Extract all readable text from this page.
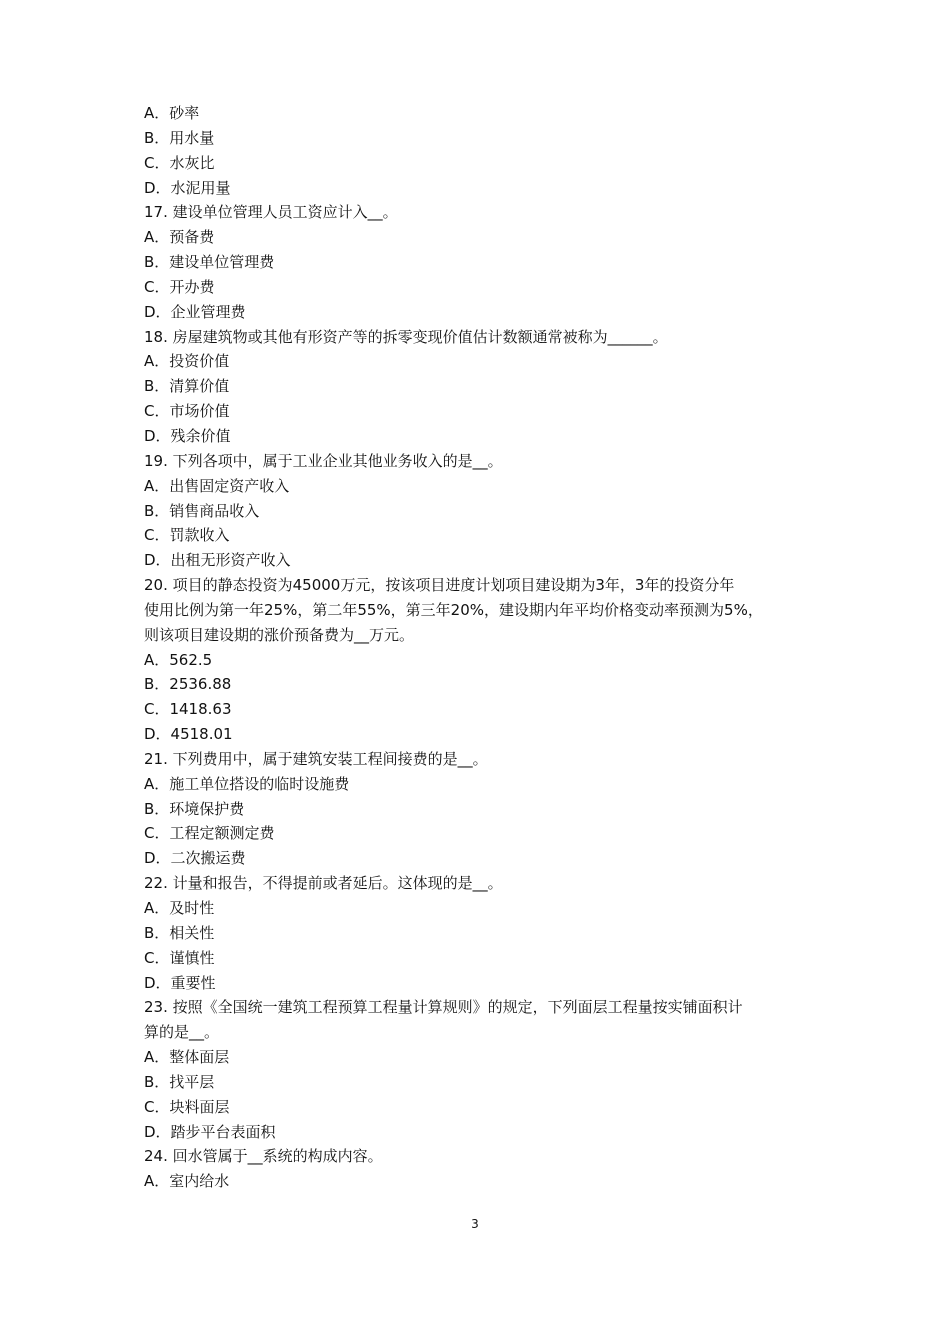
A．砂率
B．用水量
C．水灰比
D．水泥用量
17. 建设单位管理人员工资应计入__。
A．预备费
B．建设单位管理费
C．开办费
D．企业管理费
18. 房屋建筑物或其他有形资产等的拆零变现价值估计数额通常被称为______。
A．投资价值
B．清算价值
C．市场价值
D．残余价值
19. 下列各项中，属于工业企业其他业务收入的是__。
A．出售固定资产收入
B．销售商品收入
C．罚款收入
D．出租无形资产收入
20. 项目的静态投资为45000万元，按该项目进度计划项目建设期为3年，3年的投资分年
使用比例为第一年25%，第二年55%，第三年20%，建设期内年平均价格变动率预测为5%，
则该项目建设期的涨价预备费为__万元。
A．562.5
B．2536.88
C．1418.63
D．4518.01
21. 下列费用中，属于建筑安装工程间接费的是__。
A．施工单位搭设的临时设施费
B．环境保护费
C．工程定额测定费
D．二次搬运费
22. 计量和报告，不得提前或者延后。这体现的是__。
A．及时性
B．相关性
C．谨慎性
D．重要性
23. 按照《全国统一建筑工程预算工程量计算规则》的规定，下列面层工程量按实铺面积计
算的是__。
A．整体面层
B．找平层
C．块料面层
D．踏步平台表面积
24. 回水管属于__系统的构成内容。
A．室内给水
3
